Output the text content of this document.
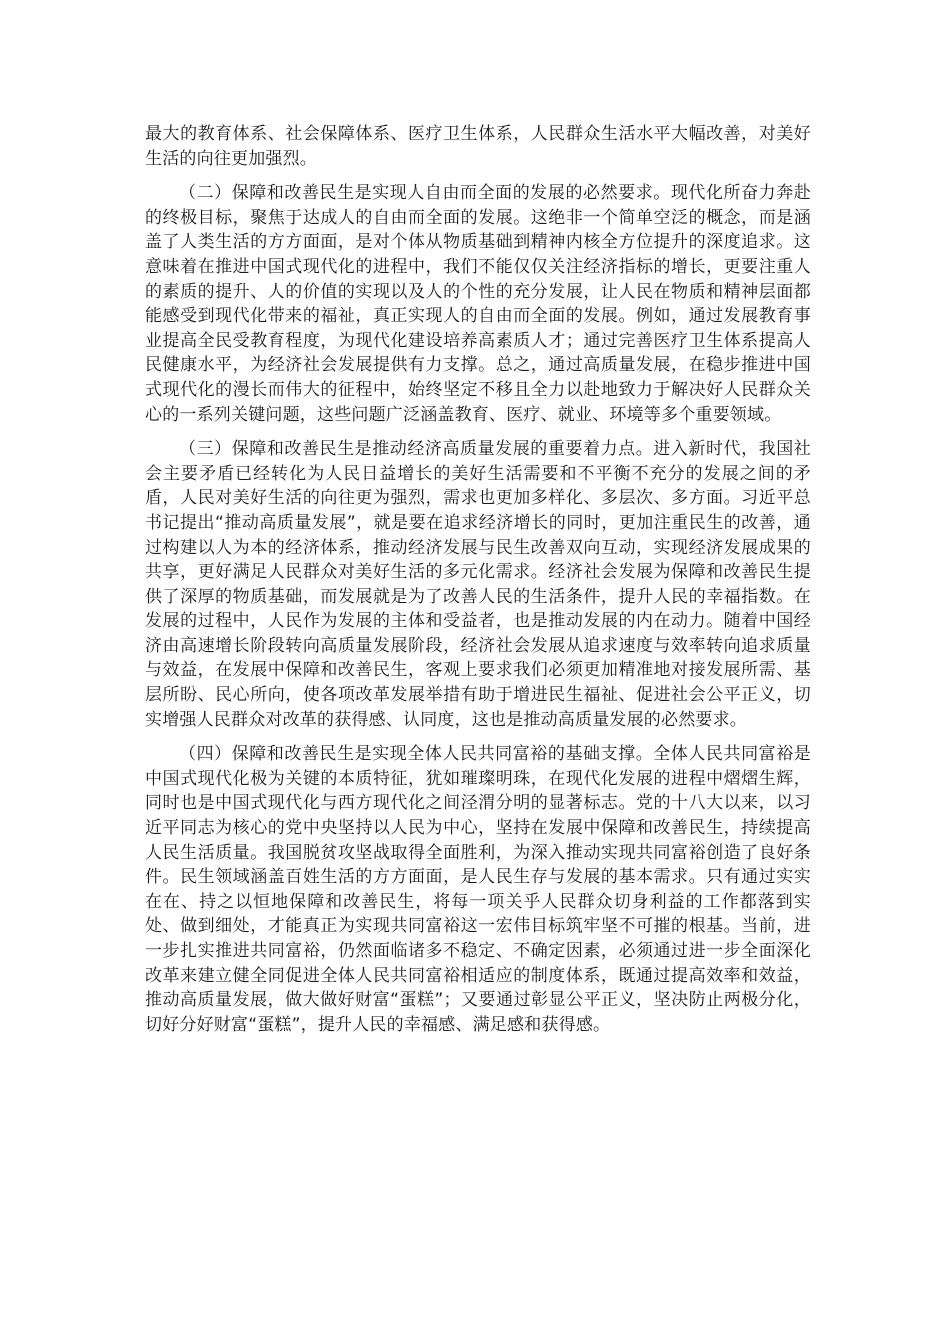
最大的教育体系、社会保障体系、医疗卫生体系，人民群众生活水平大幅改善，对美好生活的向往更加强烈。

（二）保障和改善民生是实现人自由而全面的发展的必然要求。现代化所奋力奔赴的终极目标，聚焦于达成人的自由而全面的发展。这绝非一个简单空泛的概念，而是涵盖了人类生活的方方面面，是对个体从物质基础到精神内核全方位提升的深度追求。这意味着在推进中国式现代化的进程中，我们不能仅仅关注经济指标的增长，更要注重人的素质的提升、人的价值的实现以及人的个性的充分发展，让人民在物质和精神层面都能感受到现代化带来的福祉，真正实现人的自由而全面的发展。例如，通过发展教育事业提高全民受教育程度，为现代化建设培养高素质人才；通过完善医疗卫生体系提高人民健康水平，为经济社会发展提供有力支撑。总之，通过高质量发展，在稳步推进中国式现代化的漫长而伟大的征程中，始终坚定不移且全力以赴地致力于解决好人民群众关心的一系列关键问题，这些问题广泛涵盖教育、医疗、就业、环境等多个重要领域。

（三）保障和改善民生是推动经济高质量发展的重要着力点。进入新时代，我国社会主要矛盾已经转化为人民日益增长的美好生活需要和不平衡不充分的发展之间的矛盾，人民对美好生活的向往更为强烈，需求也更加多样化、多层次、多方面。习近平总书记提出“推动高质量发展”，就是要在追求经济增长的同时，更加注重民生的改善，通过构建以人为本的经济体系，推动经济发展与民生改善双向互动，实现经济发展成果的共享，更好满足人民群众对美好生活的多元化需求。经济社会发展为保障和改善民生提供了深厚的物质基础，而发展就是为了改善人民的生活条件，提升人民的幸福指数。在发展的过程中，人民作为发展的主体和受益者，也是推动发展的内在动力。随着中国经济由高速增长阶段转向高质量发展阶段，经济社会发展从追求速度与效率转向追求质量与效益，在发展中保障和改善民生，客观上要求我们必须更加精准地对接发展所需、基层所盼、民心所向，使各项改革发展举措有助于增进民生福祉、促进社会公平正义，切实增强人民群众对改革的获得感、认同度，这也是推动高质量发展的必然要求。

（四）保障和改善民生是实现全体人民共同富裕的基础支撑。全体人民共同富裕是中国式现代化极为关键的本质特征，犹如璀璨明珠，在现代化发展的进程中熠熠生辉，同时也是中国式现代化与西方现代化之间泾渭分明的显著标志。党的十八大以来，以习近平同志为核心的党中央坚持以人民为中心，坚持在发展中保障和改善民生，持续提高人民生活质量。我国脱贫攻坚战取得全面胜利，为深入推动实现共同富裕创造了良好条件。民生领域涵盖百姓生活的方方面面，是人民生存与发展的基本需求。只有通过实实在在、持之以恒地保障和改善民生，将每一项关乎人民群众切身利益的工作都落到实处、做到细处，才能真正为实现共同富裕这一宏伟目标筑牢坚不可摧的根基。当前，进一步扎实推进共同富裕，仍然面临诸多不稳定、不确定因素，必须通过进一步全面深化改革来建立健全同促进全体人民共同富裕相适应的制度体系，既通过提高效率和效益，推动高质量发展，做大做好财富“蛋糕”；又要通过彰显公平正义，坚决防止两极分化，切好分好财富“蛋糕”，提升人民的幸福感、满足感和获得感。
